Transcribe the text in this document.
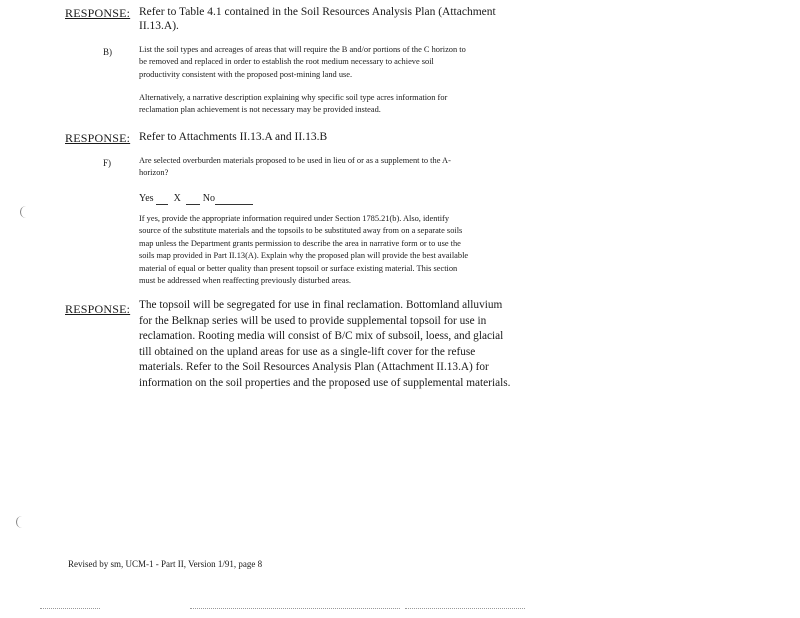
RESPONSE: Refer to Table 4.1 contained in the Soil Resources Analysis Plan (Attachment
II.13.A).
B)	List the soil types and acreages of areas that will require the B and/or portions of the C horizon to
be removed and replaced in order to establish the root medium necessary to achieve soil
productivity consistent with the proposed post-mining land use.
Alternatively, a narrative description explaining why specific soil type acres information for
reclamation plan achievement is not necessary may be provided instead.
RESPONSE: Refer to Attachments II.13.A and II.13.B
F)	Are selected overburden materials proposed to be used in lieu of or as a supplement to the A-
horizon?
Yes X No
If yes, provide the appropriate information required under Section 1785.21(b). Also, identify
source of the substitute materials and the topsoils to be substituted away from on a separate soils
map unless the Department grants permission to describe the area in narrative form or to use the
soils map provided in Part II.13(A). Explain why the proposed plan will provide the best available
material of equal or better quality than present topsoil or surface existing material. This section
must be addressed when reaffecting previously disturbed areas.
RESPONSE: The topsoil will be segregated for use in final reclamation. Bottomland alluvium
for the Belknap series will be used to provide supplemental topsoil for use in
reclamation. Rooting media will consist of B/C mix of subsoil, loess, and glacial
till obtained on the upland areas for use as a single-lift cover for the refuse
materials. Refer to the Soil Resources Analysis Plan (Attachment II.13.A) for
information on the soil properties and the proposed use of supplemental materials.
Revised by sm, UCM-1 - Part II, Version 1/91, page 8
